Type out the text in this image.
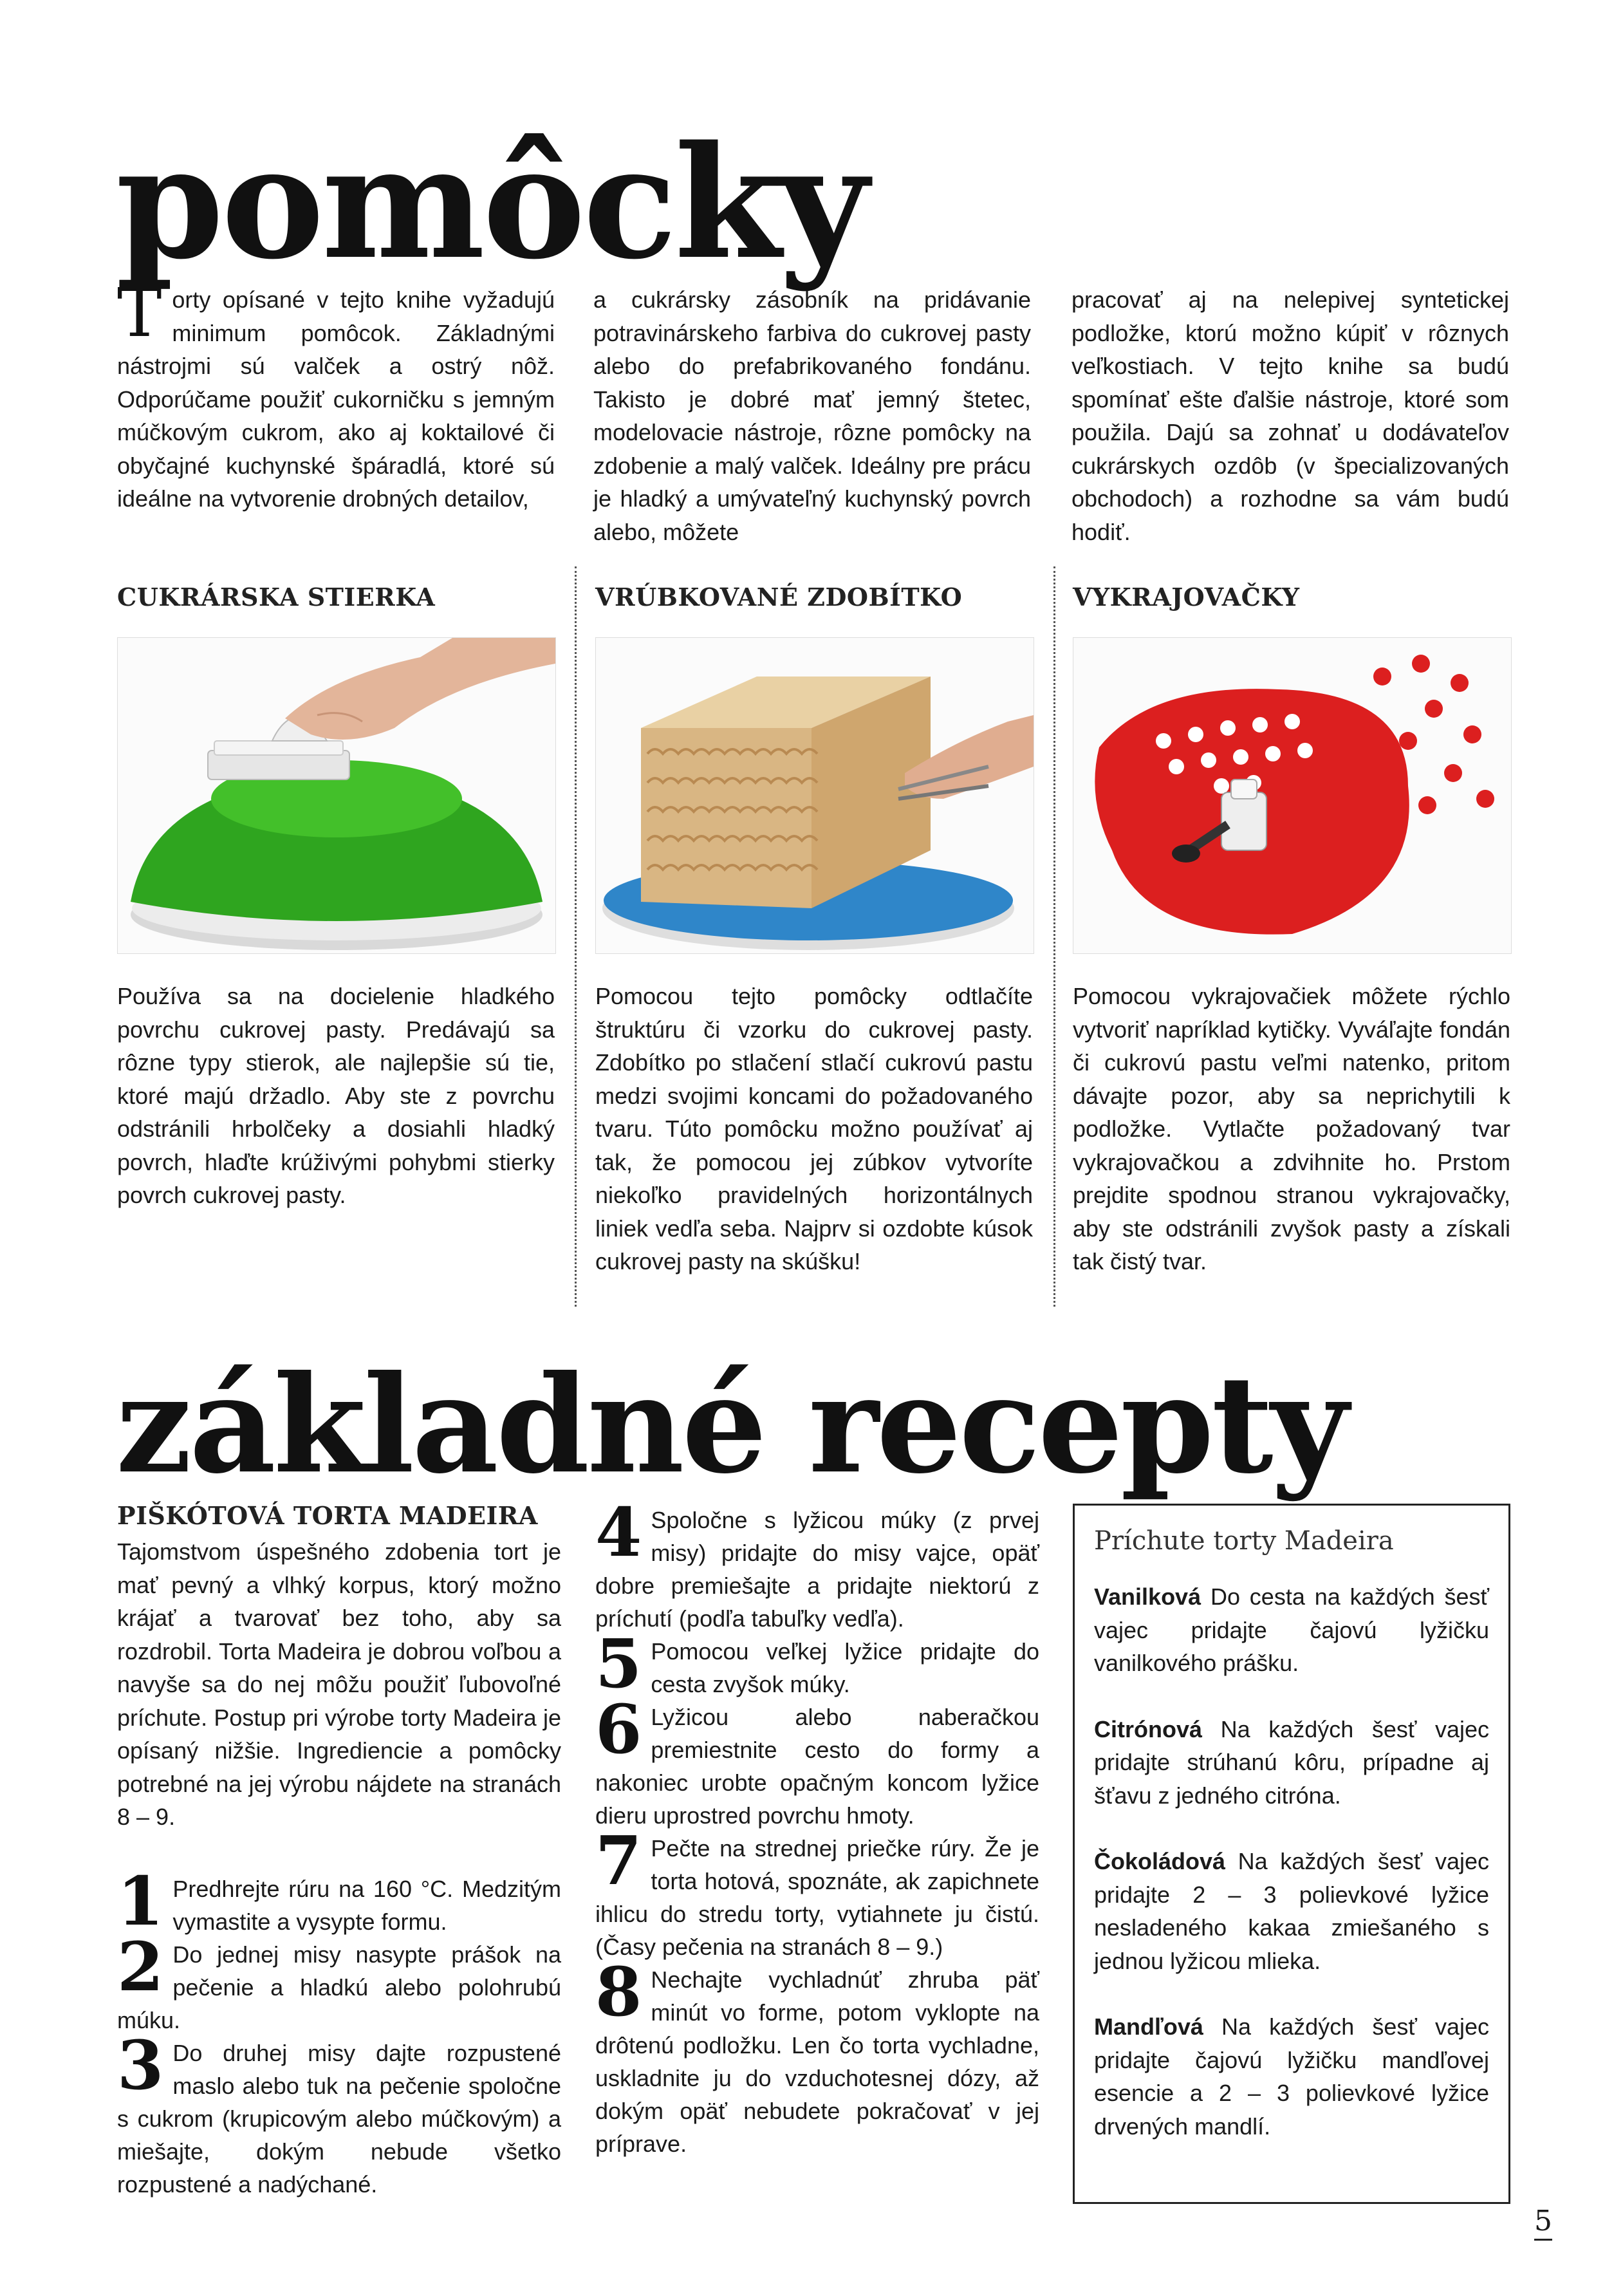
pomôcky
Torty opísané v tejto knihe vyžadujú minimum pomôcok. Základnými nástrojmi sú valček a ostrý nôž. Odporúčame použiť cukorničku s jemným múčkovým cukrom, ako aj koktailové či obyčajné kuchynské špáradlá, ktoré sú ideálne na vytvorenie drobných detailov,
a cukrársky zásobník na pridávanie potravinárskeho farbiva do cukrovej pasty alebo do prefabrikovaného fondánu. Takisto je dobré mať jemný štetec, modelovacie nástroje, rôzne pomôcky na zdobenie a malý valček. Ideálny pre prácu je hladký a umývateľný kuchynský povrch alebo, môžete
pracovať aj na nelepivej syntetickej podložke, ktorú možno kúpiť v rôznych veľkostiach. V tejto knihe sa budú spomínať ešte ďalšie nástroje, ktoré som použila. Dajú sa zohnať u dodávateľov cukrárskych ozdôb (v špecializovaných obchodoch) a rozhodne sa vám budú hodiť.
CUKRÁRSKA STIERKA	VRÚBKOVANÉ ZDOBÍTKO	VYKRAJOVAČKY
Používa sa na docielenie hladkého povrchu cukrovej pasty. Predávajú sa rôzne typy stierok, ale najlepšie sú tie, ktoré majú držadlo. Aby ste z povrchu odstránili hrbolčeky a dosiahli hladký povrch, hlaďte krúživými pohybmi stierky povrch cukrovej pasty.
Pomocou tejto pomôcky odtlačíte štruktúru či vzorku do cukrovej pasty. Zdobítko po stlačení stlačí cukrovú pastu medzi svojimi koncami do požadovaného tvaru. Túto pomôcku možno používať aj tak, že pomocou jej zúbkov vytvoríte niekoľko pravidelných horizontálnych liniek vedľa seba. Najprv si ozdobte kúsok cukrovej pasty na skúšku!
Pomocou vykrajovačiek môžete rýchlo vytvoriť napríklad kytičky. Vyváľajte fondán či cukrovú pastu veľmi natenko, pritom dávajte pozor, aby sa neprichytili k podložke. Vytlačte požadovaný tvar vykrajovačkou a zdvihnite ho. Prstom prejdite spodnou stranou vykrajovačky, aby ste odstránili zvyšok pasty a získali tak čistý tvar.
základné recepty
PIŠKÓTOVÁ TORTA MADEIRA
Tajomstvom úspešného zdobenia tort je mať pevný a vlhký korpus, ktorý možno krájať a tvarovať bez toho, aby sa rozdrobil. Torta Madeira je dobrou voľbou a navyše sa do nej môžu použiť ľubovoľné príchute. Postup pri výrobe torty Madeira je opísaný nižšie. Ingrediencie a pomôcky potrebné na jej výrobu nájdete na stranách 8 – 9.
1 Predhrejte rúru na 160 °C. Medzitým vymastite a vysypte formu.
2 Do jednej misy nasypte prášok na pečenie a hladkú alebo polohrubú múku.
3 Do druhej misy dajte rozpustené maslo alebo tuk na pečenie spoločne s cukrom (krupicovým alebo múčkovým) a miešajte, dokým nebude všetko rozpustené a nadýchané.
4 Spoločne s lyžicou múky (z prvej misy) pridajte do misy vajce, opäť dobre premiešajte a pridajte niektorú z príchutí (podľa tabuľky vedľa).
5 Pomocou veľkej lyžice pridajte do cesta zvyšok múky.
6 Lyžicou alebo naberačkou premiestnite cesto do formy a nakoniec urobte opačným koncom lyžice dieru uprostred povrchu hmoty.
7 Pečte na strednej priečke rúry. Že je torta hotová, spoznáte, ak zapichnete ihlicu do stredu torty, vytiahnete ju čistú. (Časy pečenia na stranách 8 – 9.)
8 Nechajte vychladnúť zhruba päť minút vo forme, potom vyklopte na drôtenú podložku. Len čo torta vychladne, uskladnite ju do vzduchotesnej dózy, až dokým opäť nebudete pokračovať v jej príprave.
Príchute torty Madeira
Vanilková Do cesta na každých šesť vajec pridajte čajovú lyžičku vanilkového prášku.
Citrónová Na každých šesť vajec pridajte strúhanú kôru, prípadne aj šťavu z jedného citróna.
Čokoládová Na každých šesť vajec pridajte 2 – 3 polievkové lyžice nesladeného kakaa zmiešaného s jednou lyžicou mlieka.
Mandľová Na každých šesť vajec pridajte čajovú lyžičku mandľovej esencie a 2 – 3 polievkové lyžice drvených mandlí.
5
